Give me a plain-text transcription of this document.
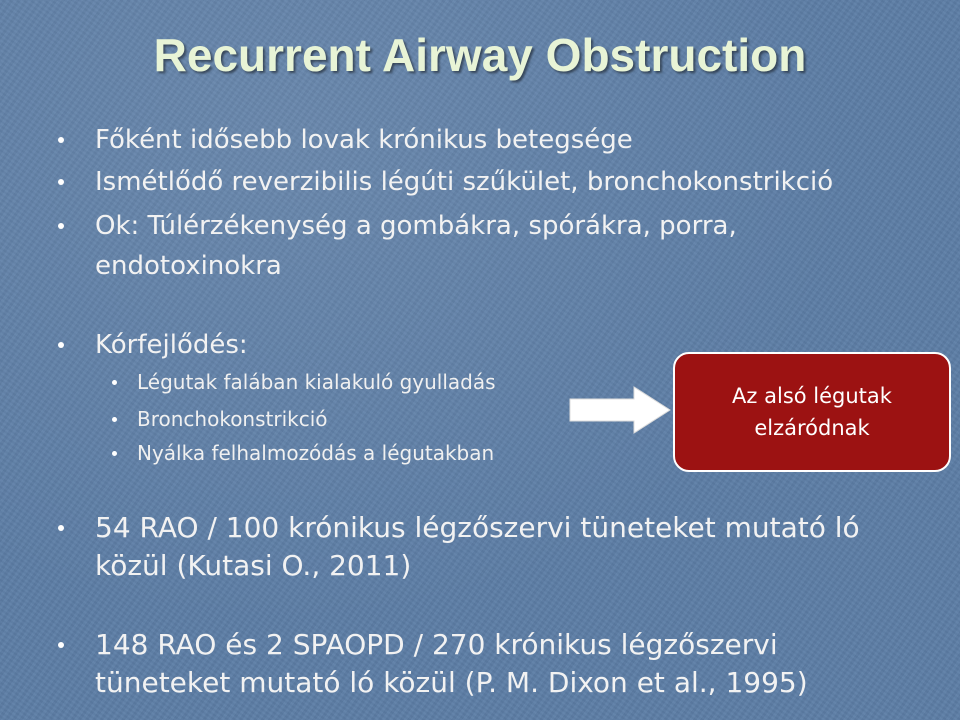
Recurrent Airway Obstruction
Főként idősebb lovak krónikus betegsége
Ismétlődő reverzibilis légúti szűkület, bronchokonstrikció
Ok: Túlérzékenység a gombákra, spórákra, porra, endotoxinokra
Kórfejlődés:
Légutak falában kialakuló gyulladás
Bronchokonstrikció
Nyálka felhalmozódás a légutakban
Az alsó légutak elzáródnak
54 RAO / 100 krónikus légzőszervi tüneteket mutató ló közül (Kutasi O., 2011)
148 RAO és 2 SPAOPD / 270 krónikus légzőszervi tüneteket mutató ló közül (P. M. Dixon et al., 1995)
